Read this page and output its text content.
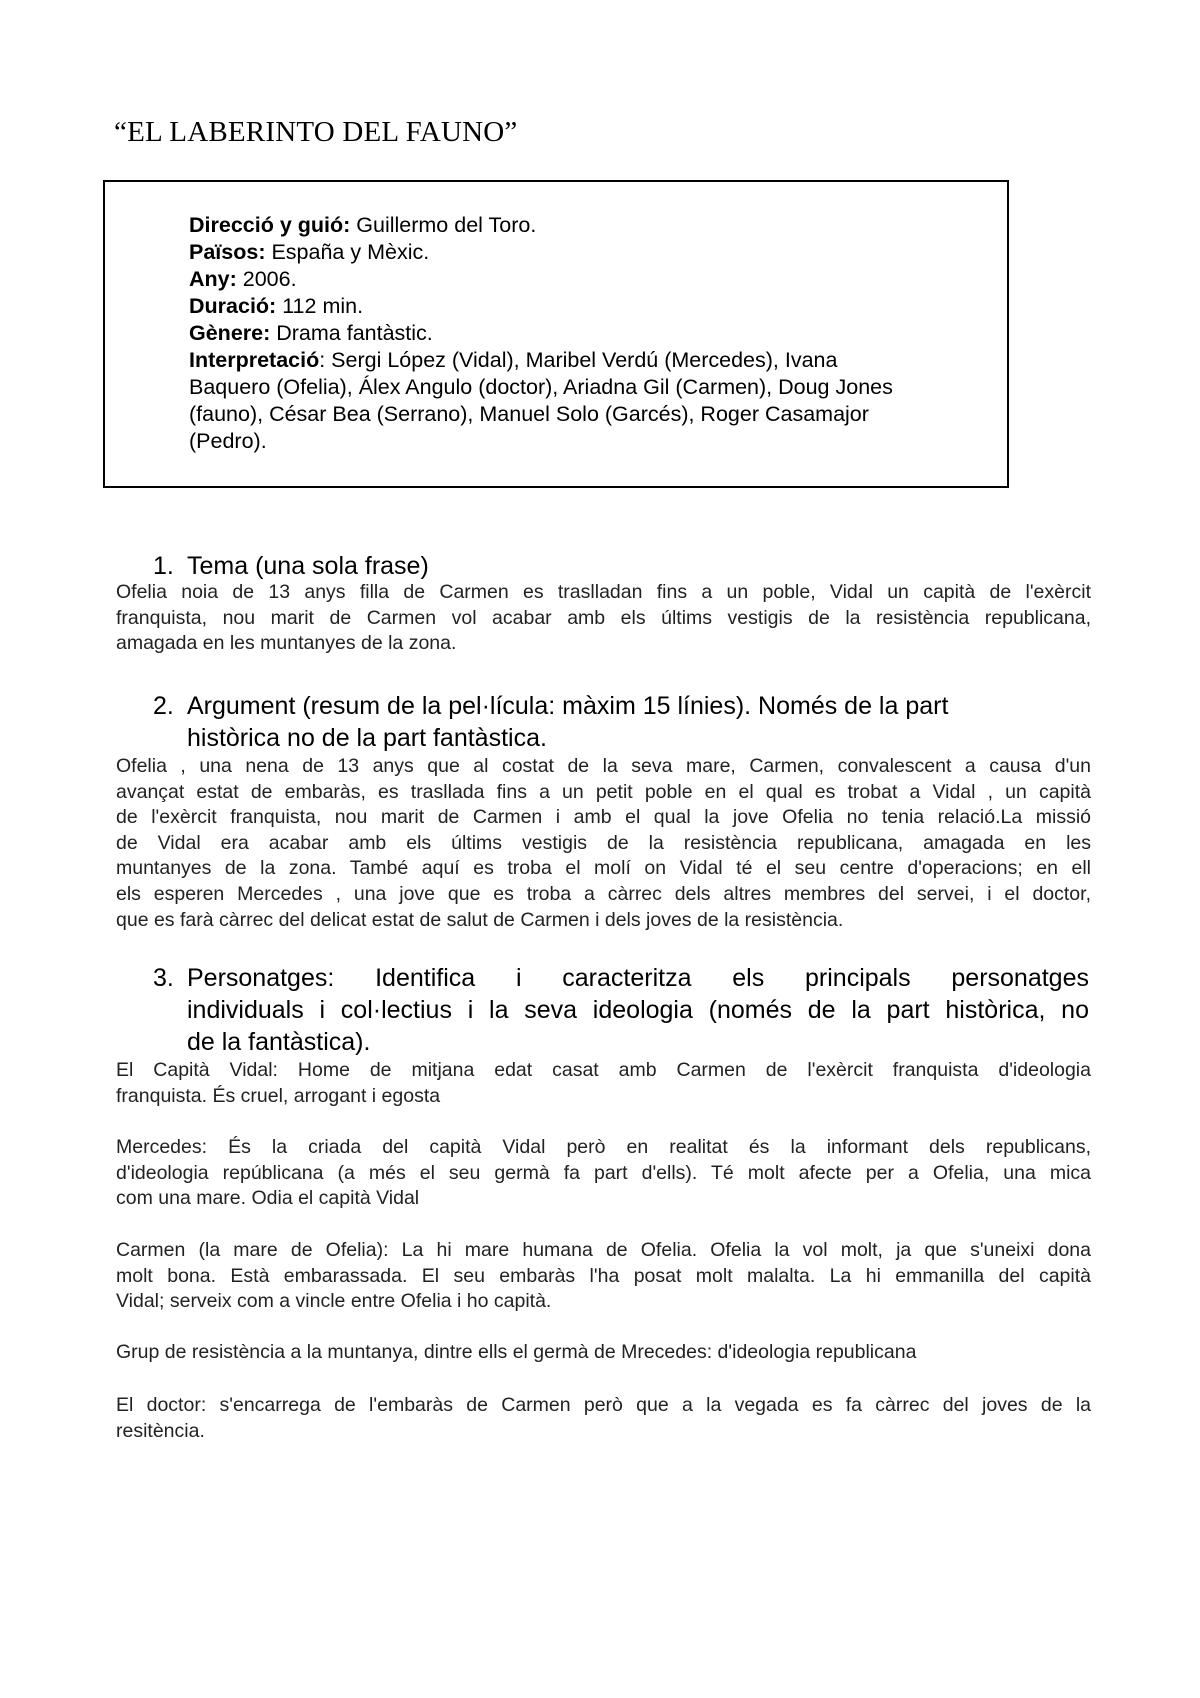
“EL LABERINTO DEL FAUNO”
Direcció y guió: Guillermo del Toro.
Països: España y Mèxic.
Any: 2006.
Duració: 112 min.
Gènere: Drama fantàstic.
Interpretació: Sergi López (Vidal), Maribel Verdú (Mercedes), Ivana
Baquero (Ofelia), Álex Angulo (doctor), Ariadna Gil (Carmen), Doug Jones
(fauno), César Bea (Serrano), Manuel Solo (Garcés), Roger Casamajor
(Pedro).
1. Tema (una sola frase)
Ofelia noia de 13 anys filla de Carmen es traslladan fins a un poble, Vidal un capità de l'exèrcit
franquista, nou marit de Carmen vol acabar amb els últims vestigis de la resistència republicana,
amagada en les muntanyes de la zona.
2. Argument (resum de la pel·lícula: màxim 15 línies). Només de la part
històrica no de la part fantàstica.
Ofelia , una nena de 13 anys que al costat de la seva mare, Carmen, convalescent a causa d'un
avançat estat de embaràs, es trasllada fins a un petit poble en el qual es trobat a Vidal , un capità
de l'exèrcit franquista, nou marit de Carmen i amb el qual la jove Ofelia no tenia relació.La missió
de Vidal era acabar amb els últims vestigis de la resistència republicana, amagada en les
muntanyes de la zona. També aquí es troba el molí on Vidal té el seu centre d'operacions; en ell
els esperen Mercedes , una jove que es troba a càrrec dels altres membres del servei, i el doctor,
que es farà càrrec del delicat estat de salut de Carmen i dels joves de la resistència.
3. Personatges: Identifica i caracteritza els principals personatges
individuals i col·lectius i la seva ideologia (només de la part històrica, no
de la fantàstica).
El Capità Vidal: Home de mitjana edat casat amb Carmen de l'exèrcit franquista d'ideologia
franquista. És cruel, arrogant i egosta
Mercedes: És la criada del capità Vidal però en realitat és la informant dels republicans,
d'ideologia repúblicana (a més el seu germà fa part d'ells). Té molt afecte per a Ofelia, una mica
com una mare. Odia el capità Vidal
Carmen (la mare de Ofelia): La hi mare humana de Ofelia. Ofelia la vol molt, ja que s'uneixi dona
molt bona. Està embarassada. El seu embaràs l'ha posat molt malalta. La hi emmanilla del capità
Vidal; serveix com a vincle entre Ofelia i ho capità.
Grup de resistència a la muntanya, dintre ells el germà de Mrecedes: d'ideologia republicana
El doctor: s'encarrega de l'embaràs de Carmen però que a la vegada es fa càrrec del joves de la
resitència.
